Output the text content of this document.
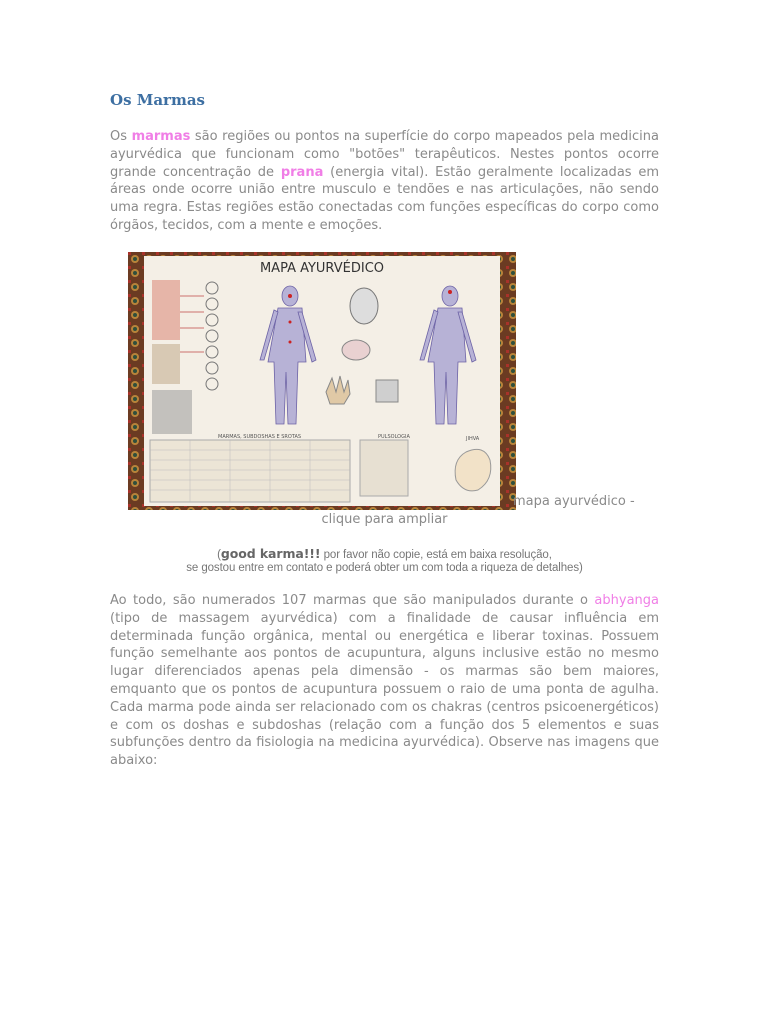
Os Marmas
Os marmas são regiões ou pontos na superfície do corpo mapeados pela medicina ayurvédica que funcionam como "botões" terapêuticos. Nestes pontos ocorre grande concentração de prana (energia vital). Estão geralmente localizadas em áreas onde ocorre união entre musculo e tendões e nas articulações, não sendo uma regra. Estas regiões estão conectadas com funções específicas do corpo como órgãos, tecidos, com a mente e emoções.
MAPA AYURVÉDICO
MARMAS, SUBDOSHAS E SROTAS	PULSOLOGIA	JIHVA
mapa ayurvédico -
clique para ampliar
(good karma!!! por favor não copie, está em baixa resolução,
se gostou entre em contato e poderá obter um com toda a riqueza de detalhes)
Ao todo, são numerados 107 marmas que são manipulados durante o abhyanga (tipo de massagem ayurvédica) com a finalidade de causar influência em determinada função orgânica, mental ou energética e liberar toxinas. Possuem função semelhante aos pontos de acupuntura, alguns inclusive estão no mesmo lugar diferenciados apenas pela dimensão - os marmas são bem maiores, emquanto que os pontos de acupuntura possuem o raio de uma ponta de agulha. Cada marma pode ainda ser relacionado com os chakras (centros psicoenergéticos) e com os doshas e subdoshas (relação com a função dos 5 elementos e suas subfunções dentro da fisiologia na medicina ayurvédica). Observe nas imagens que abaixo:
